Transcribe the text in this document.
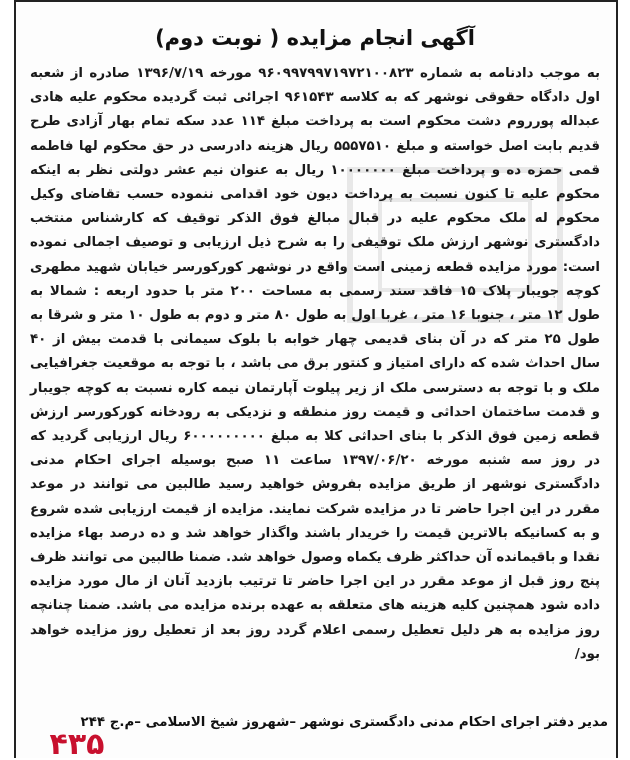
آگهی انجام مزایده ( نوبت دوم)

به موجب دادنامه به شماره ۹۶۰۹۹۷۹۹۷۱۹۷۲۱۰۰۸۲۳ مورخه ۱۳۹۶/۷/۱۹ صادره از شعبه اول دادگاه حقوقی نوشهر که به کلاسه ۹۶۱۵۴۳ اجرائی ثبت گردیده محکوم علیه هادی عبداله پورروم دشت محکوم است به پرداخت مبلغ ۱۱۴ عدد سکه تمام بهار آزادی طرح قدیم بابت اصل خواسته و مبلغ ۵۵۵۷۵۱۰ ریال هزینه دادرسی در حق محکوم لها فاطمه قمی حمزه ده و پرداخت مبلغ ۱۰۰۰۰۰۰۰ ریال به عنوان نیم عشر دولتی نظر به اینکه محکوم علیه تا کنون نسبت به پرداخت دیون خود اقدامی ننموده حسب تقاضای وکیل محکوم له ملک محکوم علیه در قبال مبالغ فوق الذکر توقیف که کارشناس منتخب دادگستری نوشهر ارزش ملک توقیفی را به شرح ذیل ارزیابی و توصیف اجمالی نموده است: مورد مزایده قطعه زمینی است واقع در نوشهر کورکورسر خیابان شهید مطهری کوچه جویبار پلاک ۱۵ فاقد سند رسمی به مساحت ۲۰۰ متر با حدود اربعه : شمالا به طول ۱۲ متر ، جنوبا ۱۶ متر ، غربا اول به طول ۸۰ متر و دوم به طول ۱۰ متر و شرقا به طول ۲۵ متر که در آن بنای قدیمی چهار خوابه با بلوک سیمانی با قدمت بیش از ۴۰ سال احداث شده که دارای امتیاز و کنتور برق می باشد ، با توجه به موقعیت جغرافیایی ملک و با توجه به دسترسی ملک از زیر پیلوت آپارتمان نیمه کاره نسبت به کوچه جویبار و قدمت ساختمان احداثی و قیمت روز منطقه و نزدیکی به رودخانه کورکورسر ارزش قطعه زمین فوق الذکر با بنای احداثی کلا به مبلغ ۶۰۰۰۰۰۰۰۰۰ ریال ارزیابی گردید که در روز سه شنبه مورخه ۱۳۹۷/۰۶/۲۰ ساعت ۱۱ صبح بوسیله اجرای احکام مدنی دادگستری نوشهر از طریق مزایده بفروش خواهید رسید طالبین می توانند در موعد مقرر در این اجرا حاضر تا در مزایده شرکت نمایند. مزایده از قیمت ارزیابی شده شروع و به کسانیکه بالاترین قیمت را خریدار باشند واگذار خواهد شد و ده درصد بهاء مزایده نقدا و باقیمانده آن حداکثر ظرف یکماه وصول خواهد شد. ضمنا طالبین می توانند ظرف پنج روز قبل از موعد مقرر در این اجرا حاضر تا ترتیب بازدید آنان از مال مورد مزایده داده شود همچنین کلیه هزینه های متعلقه به عهده برنده مزایده می باشد. ضمنا چنانچه روز مزایده به هر دلیل تعطیل رسمی اعلام گردد روز بعد از تعطیل روز مزایده خواهد بود/

مدیر دفتر اجرای احکام مدنی دادگستری نوشهر –شهروز شیخ الاسلامی –م.ج ۲۴۴

۴۳۵
